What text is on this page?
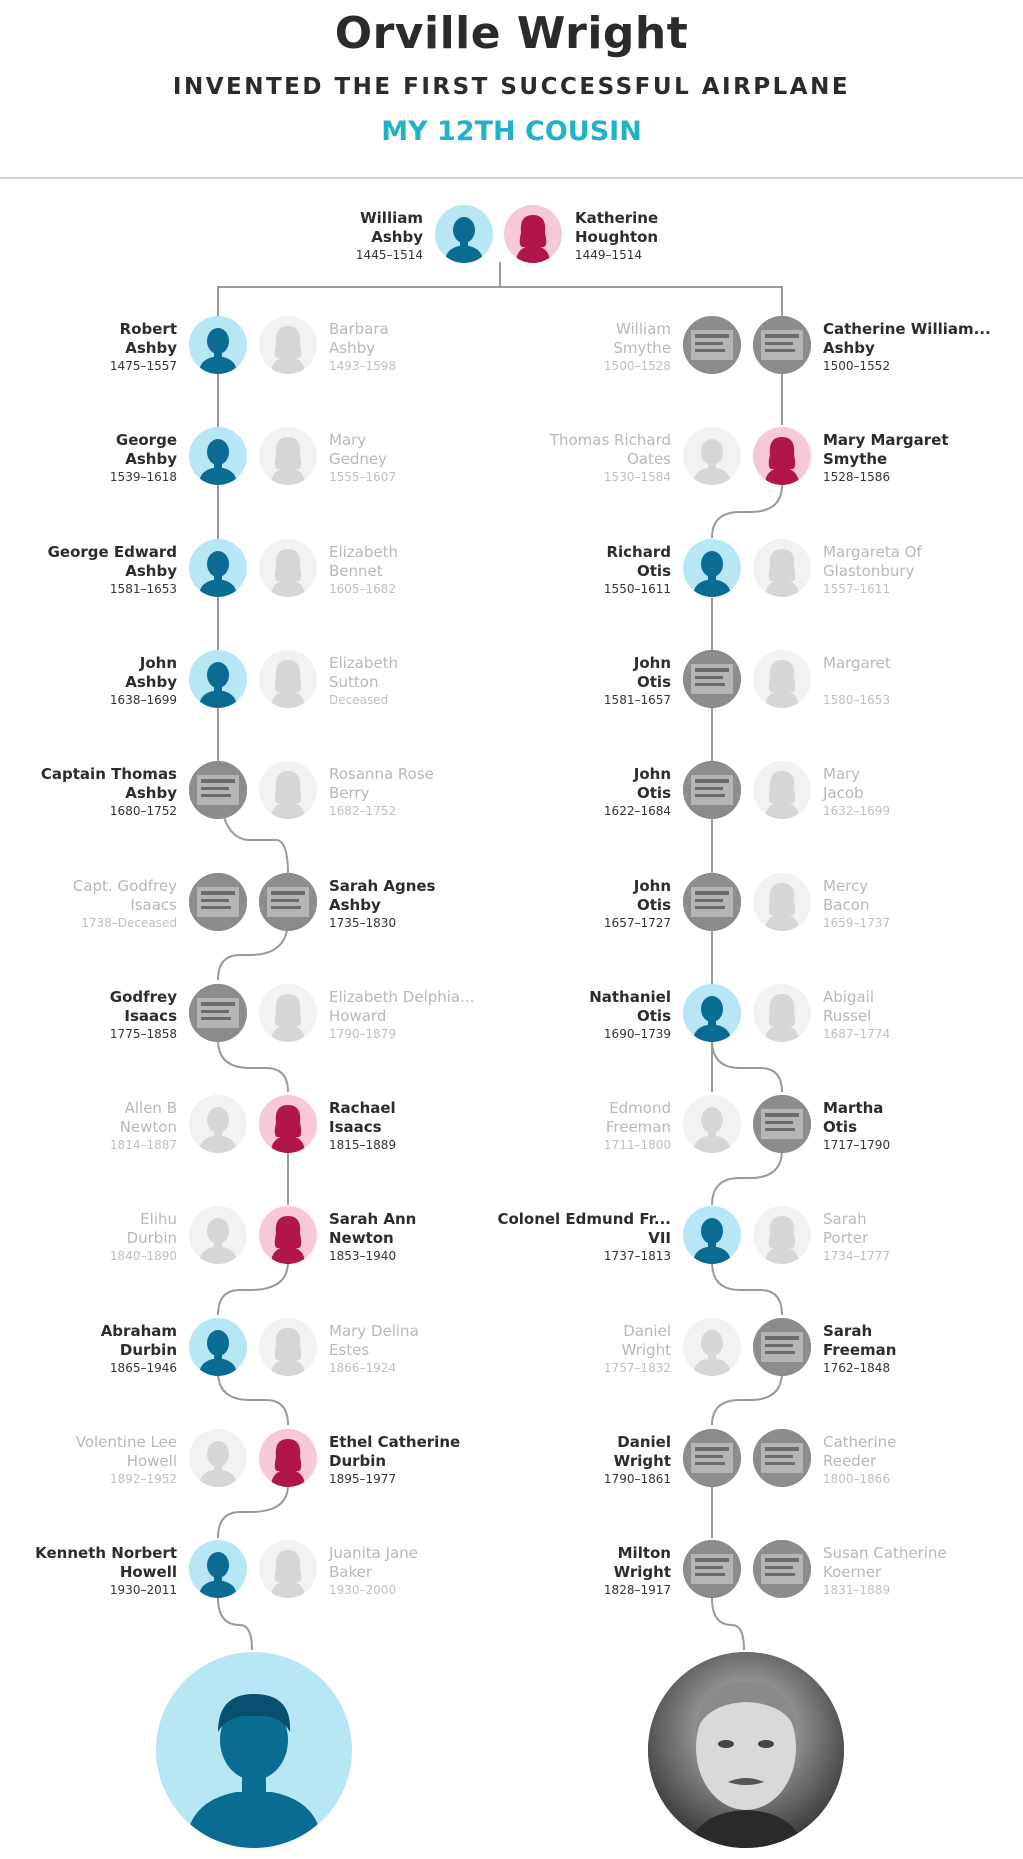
Orville Wright
INVENTED THE FIRST SUCCESSFUL AIRPLANE
MY 12TH COUSIN
William
Ashby
1445–1514
Katherine
Houghton
1449–1514
Robert
Ashby
1475–1557
Barbara
Ashby
1493–1598
George
Ashby
1539–1618
Mary
Gedney
1555–1607
George Edward
Ashby
1581–1653
Elizabeth
Bennet
1605–1682
John
Ashby
1638–1699
Elizabeth
Sutton
Deceased
Captain Thomas
Ashby
1680–1752
Rosanna Rose
Berry
1682–1752
Capt. Godfrey
Isaacs
1738–Deceased
Sarah Agnes
Ashby
1735–1830
Godfrey
Isaacs
1775–1858
Elizabeth Delphia...
Howard
1790–1879
Allen B
Newton
1814–1887
Rachael
Isaacs
1815–1889
Elihu
Durbin
1840–1890
Sarah Ann
Newton
1853–1940
Abraham
Durbin
1865–1946
Mary Delina
Estes
1866–1924
Volentine Lee
Howell
1892–1952
Ethel Catherine
Durbin
1895–1977
Kenneth Norbert
Howell
1930–2011
Juanita Jane
Baker
1930–2000
William
Smythe
1500–1528
Catherine William...
Ashby
1500–1552
Thomas Richard
Oates
1530–1584
Mary Margaret
Smythe
1528–1586
Richard
Otis
1550–1611
Margareta Of
Glastonbury
1557–1611
John
Otis
1581–1657
Margaret

1580–1653
John
Otis
1622–1684
Mary
Jacob
1632–1699
John
Otis
1657–1727
Mercy
Bacon
1659–1737
Nathaniel
Otis
1690–1739
Abigail
Russel
1687–1774
Edmond
Freeman
1711–1800
Martha
Otis
1717–1790
Colonel Edmund Fr...
VII
1737–1813
Sarah
Porter
1734–1777
Daniel
Wright
1757–1832
Sarah
Freeman
1762–1848
Daniel
Wright
1790–1861
Catherine
Reeder
1800–1866
Milton
Wright
1828–1917
Susan Catherine
Koerner
1831–1889
